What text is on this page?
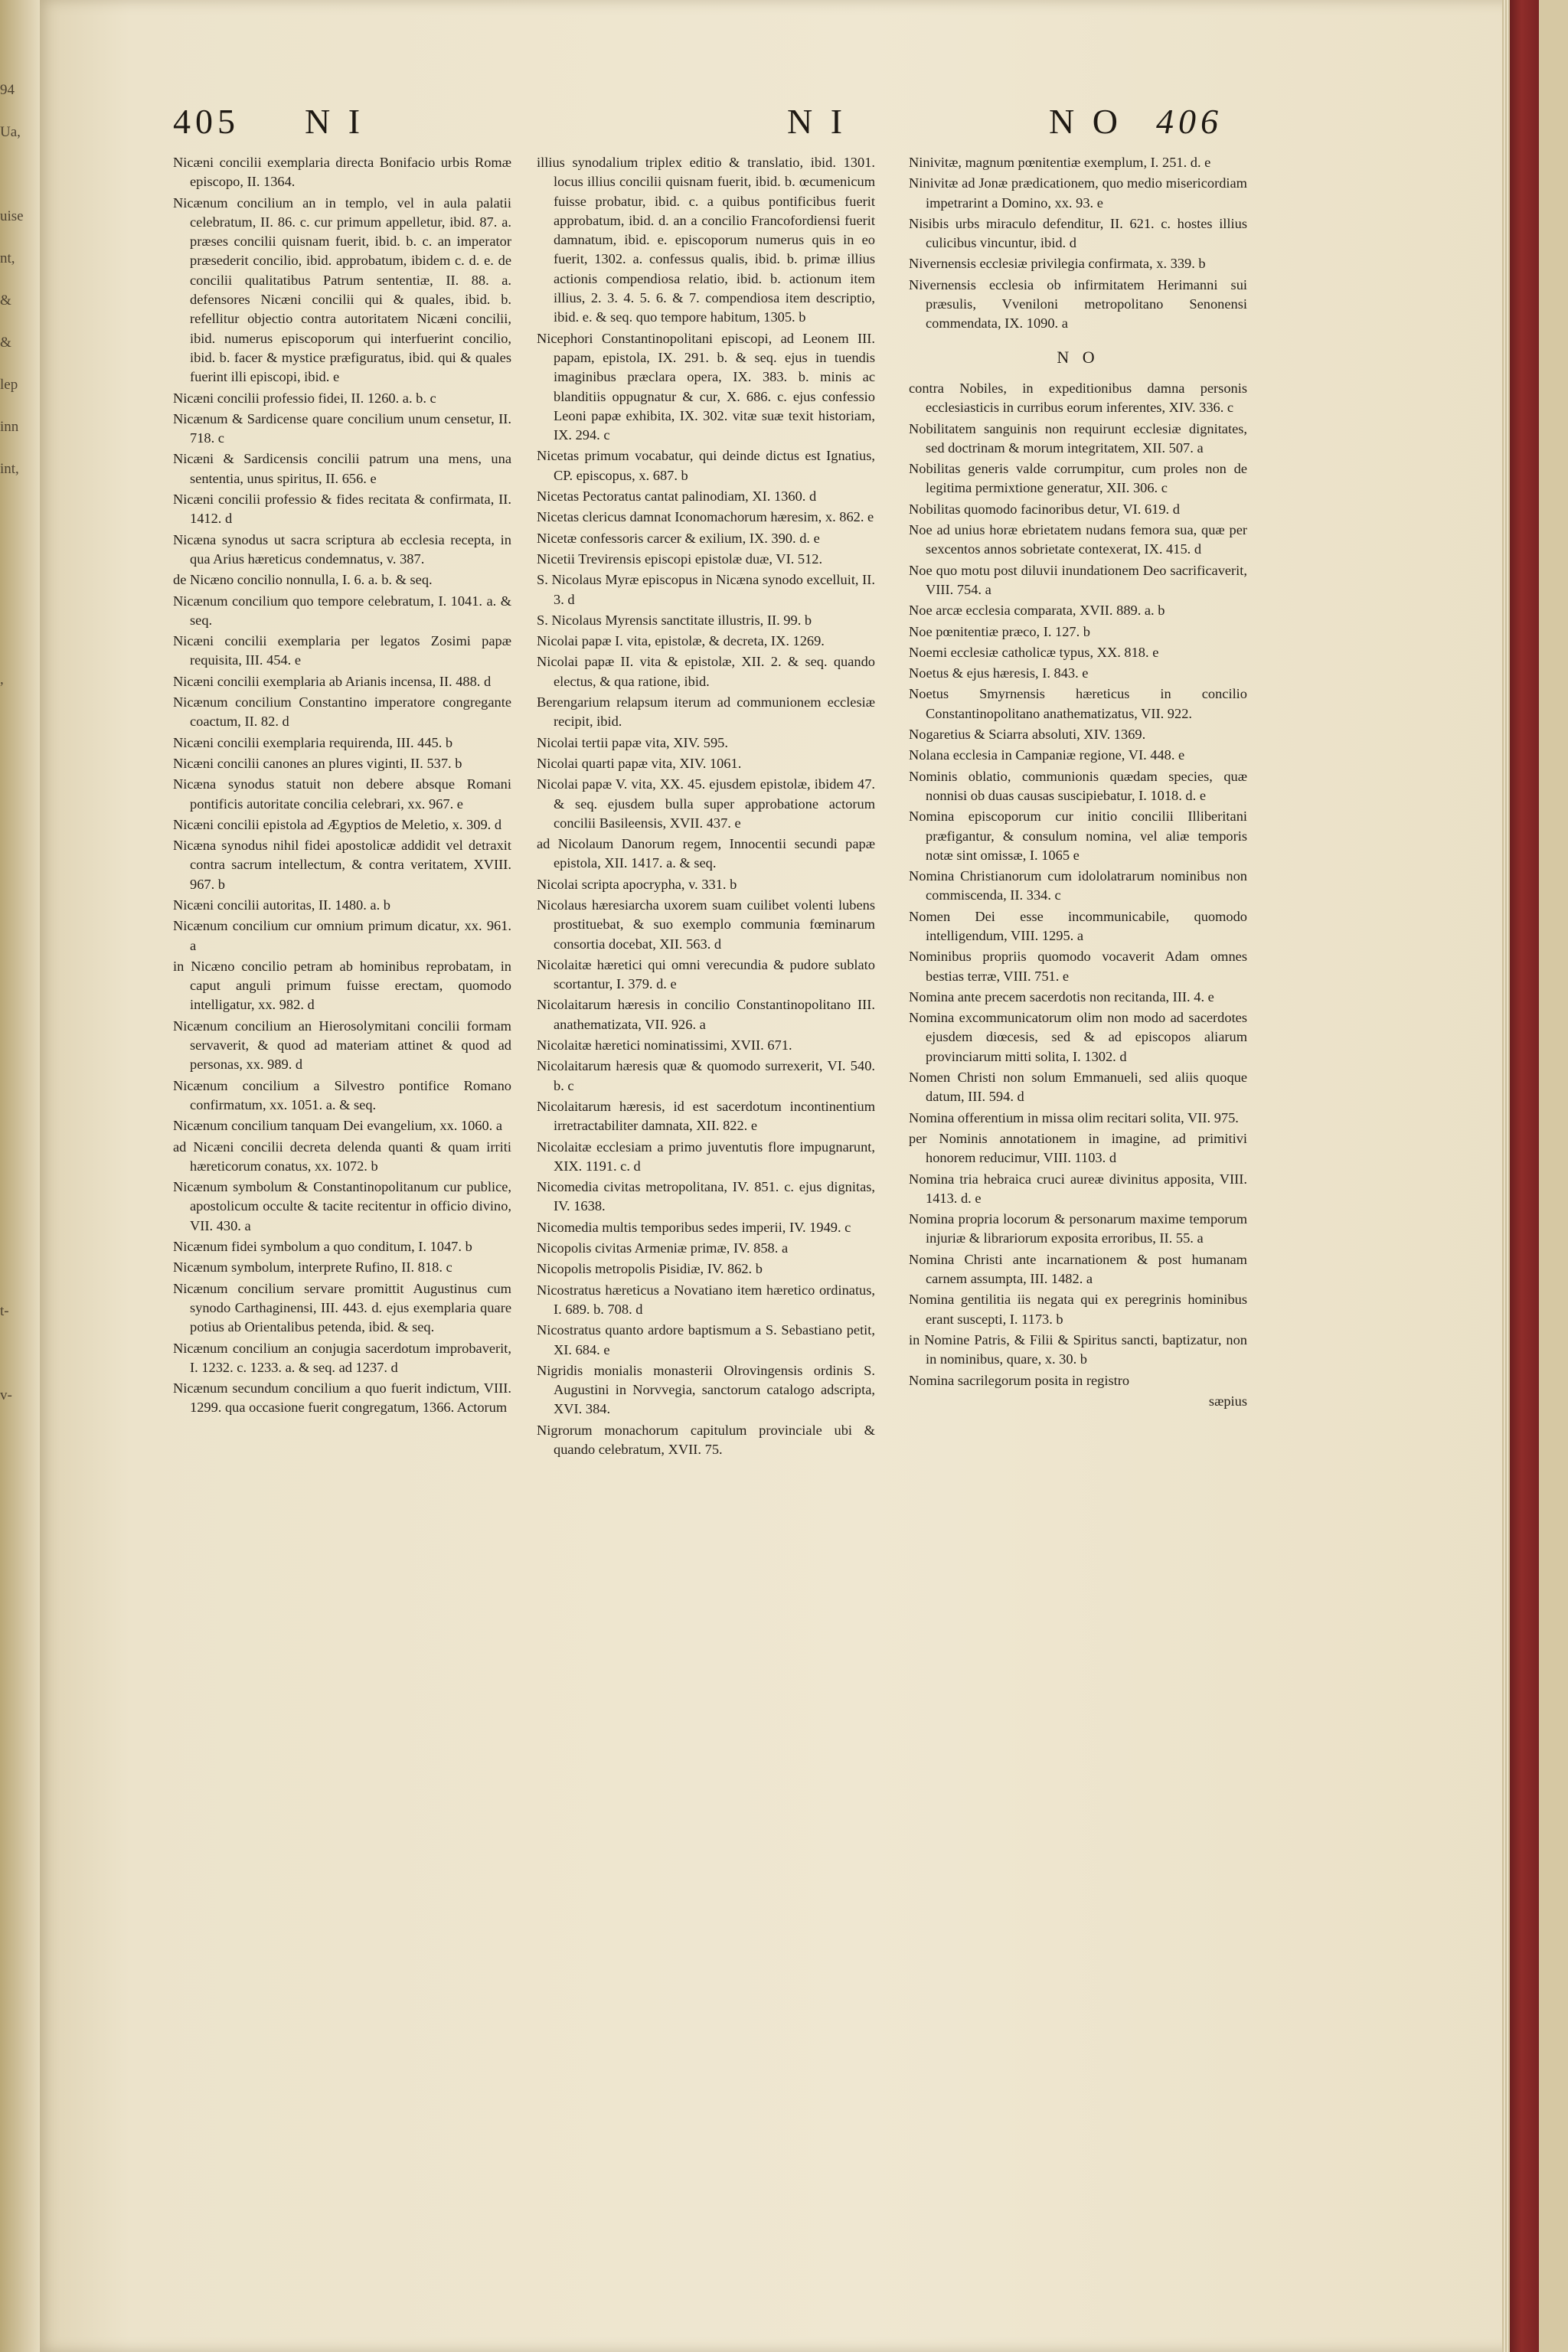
94
Ua,

uise
nt,
&
&
lep
inn
int,

,

t-

v-
405 N I	N I	N O 406
Nicæni concilii exemplaria directa Bonifacio urbis Romæ episcopo, II. 1364.
Nicænum concilium an in templo, vel in aula palatii celebratum, II. 86. c. cur primum appelletur, ibid. 87. a. præses concilii quisnam fuerit, ibid. b. c. an imperator præsederit concilio, ibid. approbatum, ibidem c. d. e. de concilii qualitatibus Patrum sententiæ, II. 88. a. defensores Nicæni concilii qui & quales, ibid. b. refellitur objectio contra autoritatem Nicæni concilii, ibid. numerus episcoporum qui interfuerint concilio, ibid. b. facer & mystice præfiguratus, ibid. qui & quales fuerint illi episcopi, ibid. e
Nicæni concilii professio fidei, II. 1260. a. b. c
Nicænum & Sardicense quare concilium unum censetur, II. 718. c
Nicæni & Sardicensis concilii patrum una mens, una sententia, unus spiritus, II. 656. e
Nicæni concilii professio & fides recitata & confirmata, II. 1412. d
Nicæna synodus ut sacra scriptura ab ecclesia recepta, in qua Arius hæreticus condemnatus, v. 387.
de Nicæno concilio nonnulla, I. 6. a. b. & seq.
Nicænum concilium quo tempore celebratum, I. 1041. a. & seq.
Nicæni concilii exemplaria per legatos Zosimi papæ requisita, III. 454. e
Nicæni concilii exemplaria ab Arianis incensa, II. 488. d
Nicænum concilium Constantino imperatore congregante coactum, II. 82. d
Nicæni concilii exemplaria requirenda, III. 445. b
Nicæni concilii canones an plures viginti, II. 537. b
Nicæna synodus statuit non debere absque Romani pontificis autoritate concilia celebrari, xx. 967. e
Nicæni concilii epistola ad Ægyptios de Meletio, x. 309. d
Nicæna synodus nihil fidei apostolicæ addidit vel detraxit contra sacrum intellectum, & contra veritatem, XVIII. 967. b
Nicæni concilii autoritas, II. 1480. a. b
Nicænum concilium cur omnium primum dicatur, xx. 961. a
in Nicæno concilio petram ab hominibus reprobatam, in caput anguli primum fuisse erectam, quomodo intelligatur, xx. 982. d
Nicænum concilium an Hierosolymitani concilii formam servaverit, & quod ad materiam attinet & quod ad personas, xx. 989. d
Nicænum concilium a Silvestro pontifice Romano confirmatum, xx. 1051. a. & seq.
Nicænum concilium tanquam Dei evangelium, xx. 1060. a
ad Nicæni concilii decreta delenda quanti & quam irriti hæreticorum conatus, xx. 1072. b
Nicænum symbolum & Constantinopolitanum cur publice, apostolicum occulte & tacite recitentur in officio divino, VII. 430. a
Nicænum fidei symbolum a quo conditum, I. 1047. b
Nicænum symbolum, interprete Rufino, II. 818. c
Nicænum concilium servare promittit Augustinus cum synodo Carthaginensi, III. 443. d. ejus exemplaria quare potius ab Orientalibus petenda, ibid. & seq.
Nicænum concilium an conjugia sacerdotum improbaverit, I. 1232. c. 1233. a. & seq. ad 1237. d
Nicænum secundum concilium a quo fuerit indictum, VIII. 1299. qua occasione fuerit congregatum, 1366. Actorum
illius synodalium triplex editio & translatio, ibid. 1301. locus illius concilii quisnam fuerit, ibid. b. œcumenicum fuisse probatur, ibid. c. a quibus pontificibus fuerit approbatum, ibid. d. an a concilio Francofordiensi fuerit damnatum, ibid. e. episcoporum numerus quis in eo fuerit, 1302. a. confessus qualis, ibid. b. primæ illius actionis compendiosa relatio, ibid. b. actionum item illius, 2. 3. 4. 5. 6. & 7. compendiosa item descriptio, ibid. e. & seq. quo tempore habitum, 1305. b
Nicephori Constantinopolitani episcopi, ad Leonem III. papam, epistola, IX. 291. b. & seq. ejus in tuendis imaginibus præclara opera, IX. 383. b. minis ac blanditiis oppugnatur & cur, X. 686. c. ejus confessio Leoni papæ exhibita, IX. 302. vitæ suæ texit historiam, IX. 294. c
Nicetas primum vocabatur, qui deinde dictus est Ignatius, CP. episcopus, x. 687. b
Nicetas Pectoratus cantat palinodiam, XI. 1360. d
Nicetas clericus damnat Iconomachorum hæresim, x. 862. e
Nicetæ confessoris carcer & exilium, IX. 390. d. e
Nicetii Trevirensis episcopi epistolæ duæ, VI. 512.
S. Nicolaus Myræ episcopus in Nicæna synodo excelluit, II. 3. d
S. Nicolaus Myrensis sanctitate illustris, II. 99. b
Nicolai papæ I. vita, epistolæ, & decreta, IX. 1269.
Nicolai papæ II. vita & epistolæ, XII. 2. & seq. quando electus, & qua ratione, ibid.
Berengarium relapsum iterum ad communionem ecclesiæ recipit, ibid.
Nicolai tertii papæ vita, XIV. 595.
Nicolai quarti papæ vita, XIV. 1061.
Nicolai papæ V. vita, XX. 45. ejusdem epistolæ, ibidem 47. & seq. ejusdem bulla super approbatione actorum concilii Basileensis, XVII. 437. e
ad Nicolaum Danorum regem, Innocentii secundi papæ epistola, XII. 1417. a. & seq.
Nicolai scripta apocrypha, v. 331. b
Nicolaus hæresiarcha uxorem suam cuilibet volenti lubens prostituebat, & suo exemplo communia fœminarum consortia docebat, XII. 563. d
Nicolaitæ hæretici qui omni verecundia & pudore sublato scortantur, I. 379. d. e
Nicolaitarum hæresis in concilio Constantinopolitano III. anathematizata, VII. 926. a
Nicolaitæ hæretici nominatissimi, XVII. 671.
Nicolaitarum hæresis quæ & quomodo surrexerit, VI. 540. b. c
Nicolaitarum hæresis, id est sacerdotum incontinentium irretractabiliter damnata, XII. 822. e
Nicolaitæ ecclesiam a primo juventutis flore impugnarunt, XIX. 1191. c. d
Nicomedia civitas metropolitana, IV. 851. c. ejus dignitas, IV. 1638.
Nicomedia multis temporibus sedes imperii, IV. 1949. c
Nicopolis civitas Armeniæ primæ, IV. 858. a
Nicopolis metropolis Pisidiæ, IV. 862. b
Nicostratus hæreticus a Novatiano item hæretico ordinatus, I. 689. b. 708. d
Nicostratus quanto ardore baptismum a S. Sebastiano petit, XI. 684. e
Nigridis monialis monasterii Olrovingensis ordinis S. Augustini in Norvvegia, sanctorum catalogo adscripta, XVI. 384.
Nigrorum monachorum capitulum provinciale ubi & quando celebratum, XVII. 75.
Ninivitæ, magnum pœnitentiæ exemplum, I. 251. d. e
Ninivitæ ad Jonæ prædicationem, quo medio misericordiam impetrarint a Domino, xx. 93. e
Nisibis urbs miraculo defenditur, II. 621. c. hostes illius culicibus vincuntur, ibid. d
Nivernensis ecclesiæ privilegia confirmata, x. 339. b
Nivernensis ecclesia ob infirmitatem Herimanni sui præsulis, Vveniloni metropolitano Senonensi commendata, IX. 1090. a
N O
contra Nobiles, in expeditionibus damna personis ecclesiasticis in curribus eorum inferentes, XIV. 336. c
Nobilitatem sanguinis non requirunt ecclesiæ dignitates, sed doctrinam & morum integritatem, XII. 507. a
Nobilitas generis valde corrumpitur, cum proles non de legitima permixtione generatur, XII. 306. c
Nobilitas quomodo facinoribus detur, VI. 619. d
Noe ad unius horæ ebrietatem nudans femora sua, quæ per sexcentos annos sobrietate contexerat, IX. 415. d
Noe quo motu post diluvii inundationem Deo sacrificaverit, VIII. 754. a
Noe arcæ ecclesia comparata, XVII. 889. a. b
Noe pœnitentiæ præco, I. 127. b
Noemi ecclesiæ catholicæ typus, XX. 818. e
Noetus & ejus hæresis, I. 843. e
Noetus Smyrnensis hæreticus in concilio Constantinopolitano anathematizatus, VII. 922.
Nogaretius & Sciarra absoluti, XIV. 1369.
Nolana ecclesia in Campaniæ regione, VI. 448. e
Nominis oblatio, communionis quædam species, quæ nonnisi ob duas causas suscipiebatur, I. 1018. d. e
Nomina episcoporum cur initio concilii Illiberitani præfigantur, & consulum nomina, vel aliæ temporis notæ sint omissæ, I. 1065 e
Nomina Christianorum cum idololatrarum nominibus non commiscenda, II. 334. c
Nomen Dei esse incommunicabile, quomodo intelligendum, VIII. 1295. a
Nominibus propriis quomodo vocaverit Adam omnes bestias terræ, VIII. 751. e
Nomina ante precem sacerdotis non recitanda, III. 4. e
Nomina excommunicatorum olim non modo ad sacerdotes ejusdem diœcesis, sed & ad episcopos aliarum provinciarum mitti solita, I. 1302. d
Nomen Christi non solum Emmanueli, sed aliis quoque datum, III. 594. d
Nomina offerentium in missa olim recitari solita, VII. 975.
per Nominis annotationem in imagine, ad primitivi honorem reducimur, VIII. 1103. d
Nomina tria hebraica cruci aureæ divinitus apposita, VIII. 1413. d. e
Nomina propria locorum & personarum maxime temporum injuriæ & librariorum exposita erroribus, II. 55. a
Nomina Christi ante incarnationem & post humanam carnem assumpta, III. 1482. a
Nomina gentilitia iis negata qui ex peregrinis hominibus erant suscepti, I. 1173. b
in Nomine Patris, & Filii & Spiritus sancti, baptizatur, non in nominibus, quare, x. 30. b
Nomina sacrilegorum posita in registro
sæpius
